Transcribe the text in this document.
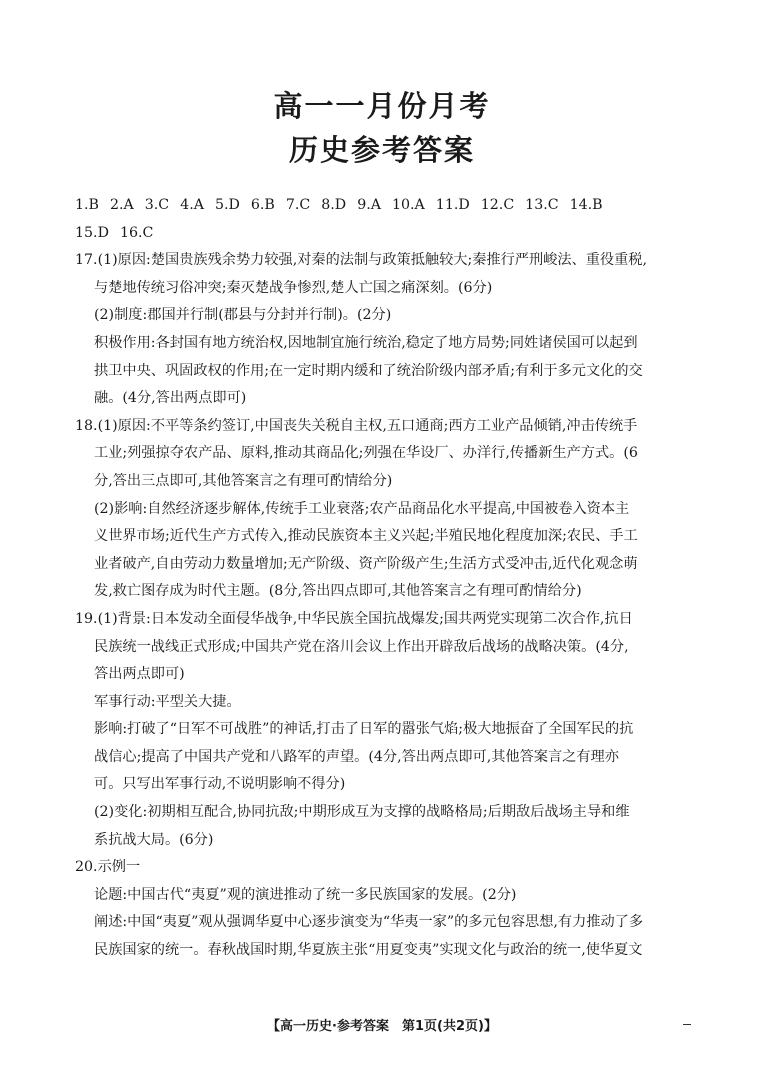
高一一月份月考
历史参考答案
1.B 2.A 3.C 4.A 5.D 6.B 7.C 8.D 9.A 10.A 11.D 12.C 13.C 14.B
15.D 16.C
17.(1)原因:楚国贵族残余势力较强,对秦的法制与政策抵触较大;秦推行严刑峻法、重役重税,
与楚地传统习俗冲突;秦灭楚战争惨烈,楚人亡国之痛深刻。(6分)
(2)制度:郡国并行制(郡县与分封并行制)。(2分)
积极作用:各封国有地方统治权,因地制宜施行统治,稳定了地方局势;同姓诸侯国可以起到
拱卫中央、巩固政权的作用;在一定时期内缓和了统治阶级内部矛盾;有利于多元文化的交
融。(4分,答出两点即可)
18.(1)原因:不平等条约签订,中国丧失关税自主权,五口通商;西方工业产品倾销,冲击传统手
工业;列强掠夺农产品、原料,推动其商品化;列强在华设厂、办洋行,传播新生产方式。(6
分,答出三点即可,其他答案言之有理可酌情给分)
(2)影响:自然经济逐步解体,传统手工业衰落;农产品商品化水平提高,中国被卷入资本主
义世界市场;近代生产方式传入,推动民族资本主义兴起;半殖民地化程度加深;农民、手工
业者破产,自由劳动力数量增加;无产阶级、资产阶级产生;生活方式受冲击,近代化观念萌
发,救亡图存成为时代主题。(8分,答出四点即可,其他答案言之有理可酌情给分)
19.(1)背景:日本发动全面侵华战争,中华民族全国抗战爆发;国共两党实现第二次合作,抗日
民族统一战线正式形成;中国共产党在洛川会议上作出开辟敌后战场的战略决策。(4分,
答出两点即可)
军事行动:平型关大捷。
影响:打破了“日军不可战胜”的神话,打击了日军的嚣张气焰;极大地振奋了全国军民的抗
战信心;提高了中国共产党和八路军的声望。(4分,答出两点即可,其他答案言之有理亦
可。只写出军事行动,不说明影响不得分)
(2)变化:初期相互配合,协同抗敌;中期形成互为支撑的战略格局;后期敌后战场主导和维
系抗战大局。(6分)
20.示例一
论题:中国古代“夷夏”观的演进推动了统一多民族国家的发展。(2分)
阐述:中国“夷夏”观从强调华夏中心逐步演变为“华夷一家”的多元包容思想,有力推动了多
民族国家的统一。春秋战国时期,华夏族主张“用夏变夷”实现文化与政治的统一,使华夏文
【高一历史·参考答案　第1页(共2页)】
